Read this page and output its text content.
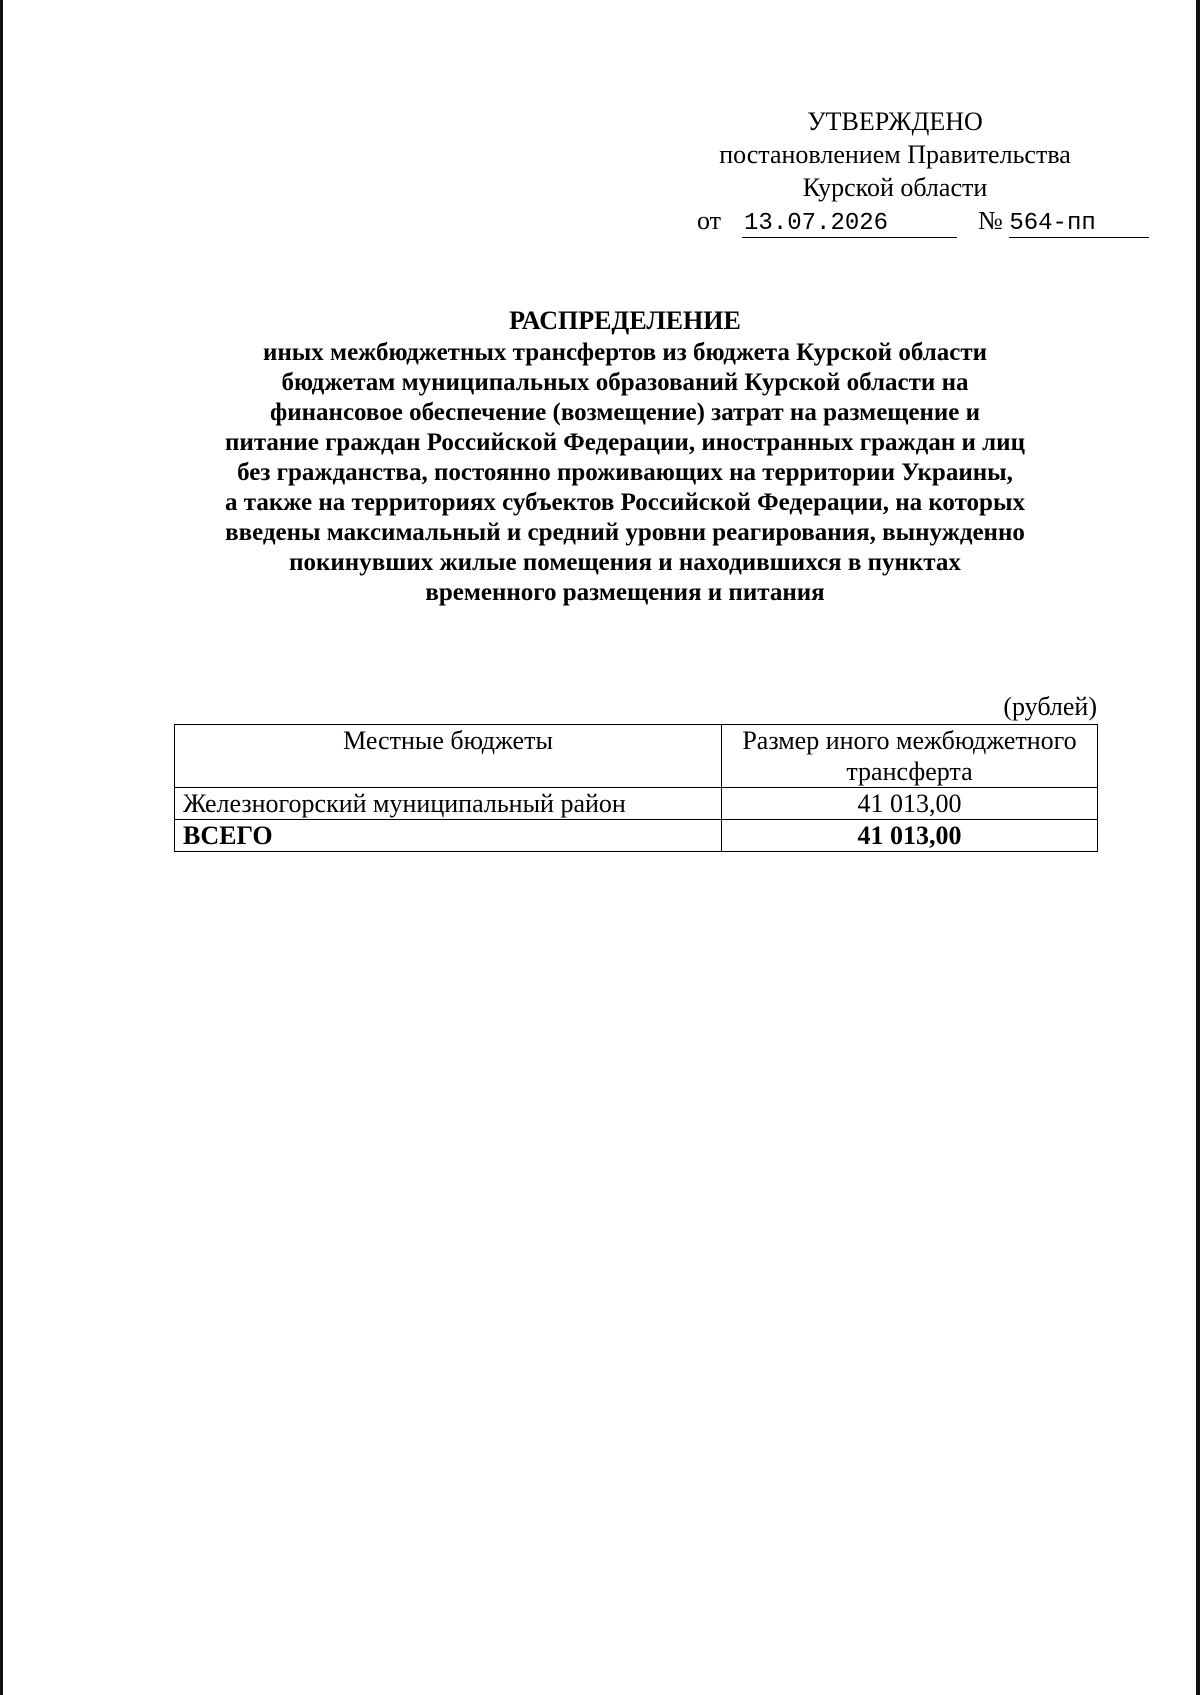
УТВЕРЖДЕНО
постановлением Правительства
Курской области
от 13.07.2026	№ 564-пп
РАСПРЕДЕЛЕНИЕ
иных межбюджетных трансфертов из бюджета Курской области
бюджетам муниципальных образований Курской области на
финансовое обеспечение (возмещение) затрат на размещение и
питание граждан Российской Федерации, иностранных граждан и лиц
без гражданства, постоянно проживающих на территории Украины,
а также на территориях субъектов Российской Федерации, на которых
введены максимальный и средний уровни реагирования, вынужденно
покинувших жилые помещения и находившихся в пунктах
временного размещения и питания
(рублей)
Местные бюджеты	Размер иного межбюджетного трансферта
Железногорский муниципальный район	41 013,00
ВСЕГО	41 013,00
